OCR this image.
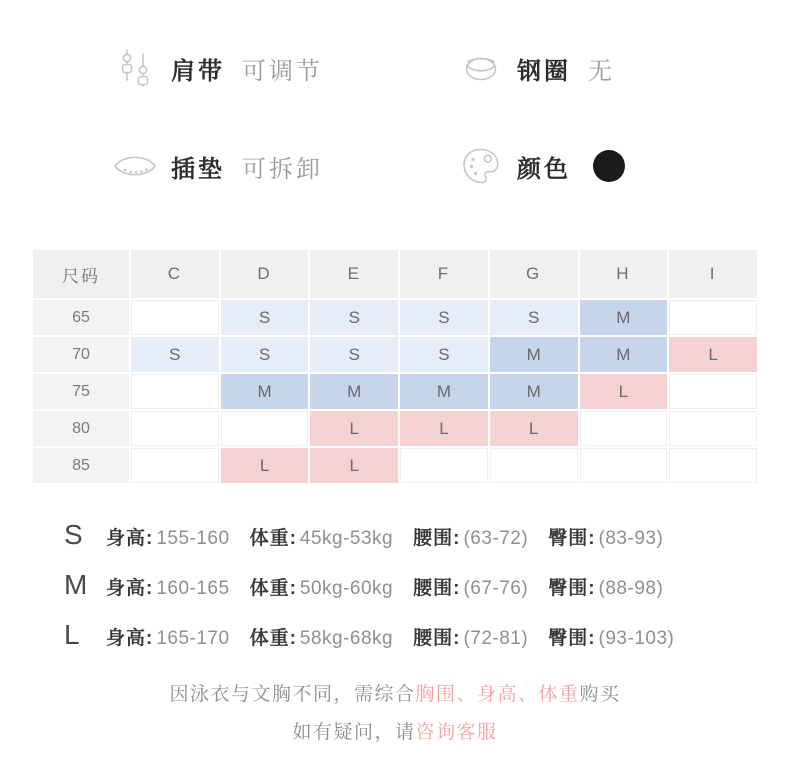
肩带 可调节	钢圈 无
插垫 可拆卸	颜色
尺码	C	D	E	F	G	H	I
65		S	S	S	S	M	
70	S	S	S	S	M	M	L
75		M	M	M	M	L	
80			L	L	L		
85		L	L				
S	身高: 155-160 体重: 45kg-53kg 腰围: (63-72) 臀围: (83-93)
M 身高: 160-165 体重: 50kg-60kg 腰围: (67-76) 臀围: (88-98)
L	身高: 165-170 体重: 58kg-68kg 腰围: (72-81) 臀围: (93-103)
因泳衣与文胸不同，需综合胸围、身高、体重购买
如有疑问，请咨询客服
